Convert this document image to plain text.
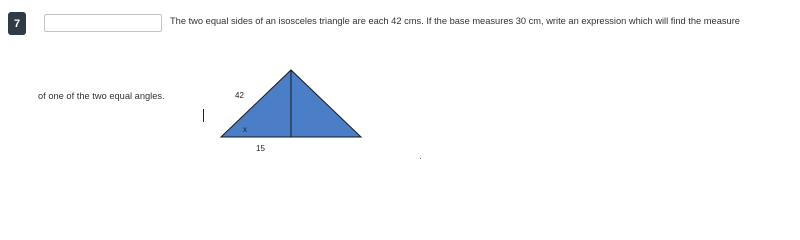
7	The two equal sides of an isosceles triangle are each 42 cms. If the base measures 30 cm, write an expression which will find the measure
of one of the two equal angles.	42
x
15
